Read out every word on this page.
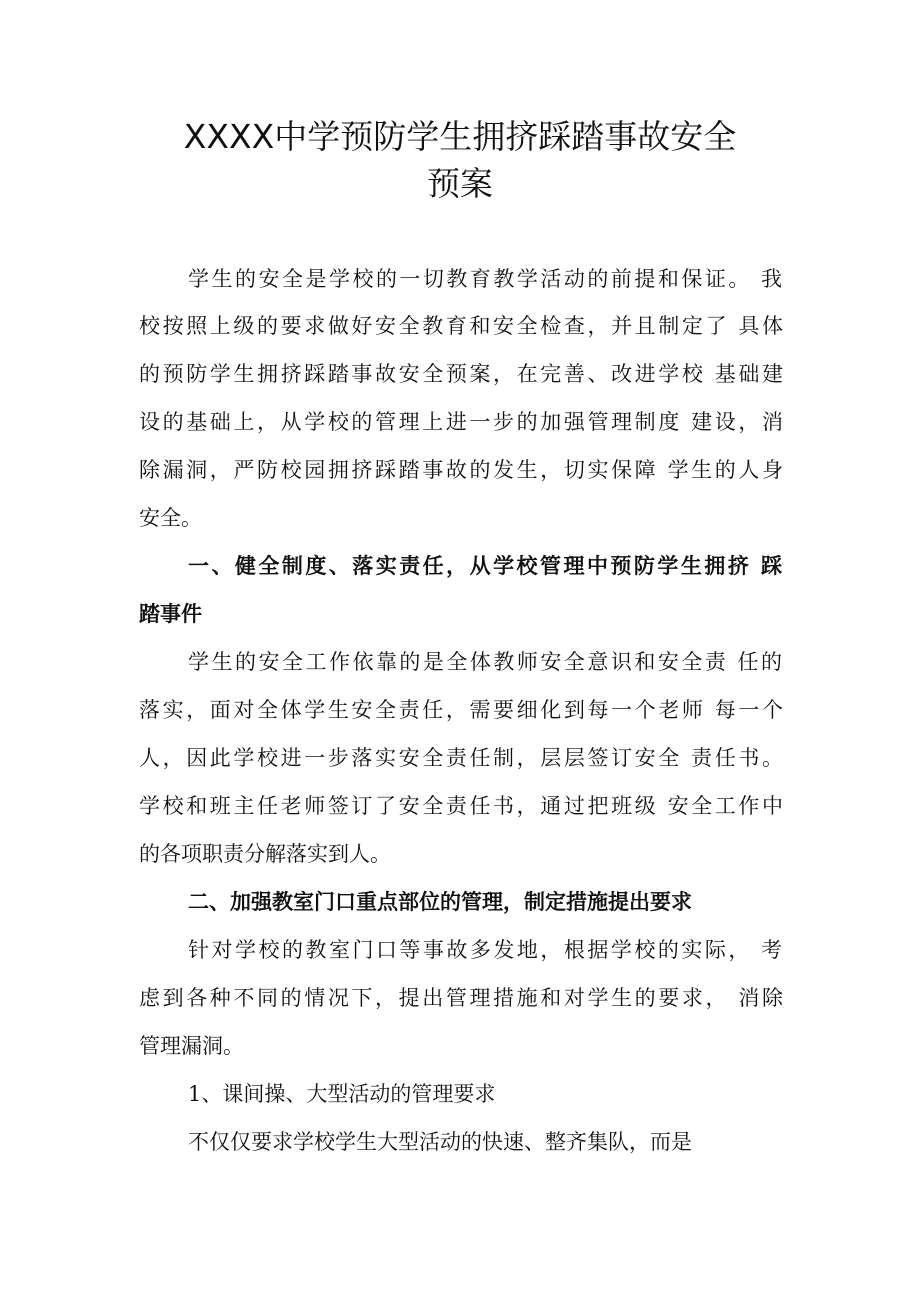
XXXX中学预防学生拥挤踩踏事故安全
预案

学生的安全是学校的一切教育教学活动的前提和保证。 我

校按照上级的要求做好安全教育和安全检查，并且制定了 具体

的预防学生拥挤踩踏事故安全预案，在完善、改进学校 基础建

设的基础上，从学校的管理上进一步的加强管理制度 建设，消

除漏洞，严防校园拥挤踩踏事故的发生，切实保障 学生的人身

安全。

一、健全制度、落实责任，从学校管理中预防学生拥挤 踩

踏事件

学生的安全工作依靠的是全体教师安全意识和安全责 任的

落实，面对全体学生安全责任，需要细化到每一个老师 每一个

人，因此学校进一步落实安全责任制，层层签订安全 责任书。

学校和班主任老师签订了安全责任书，通过把班级 安全工作中

的各项职责分解落实到人。

二、加强教室门口重点部位的管理，制定措施提出要求

针对学校的教室门口等事故多发地，根据学校的实际， 考

虑到各种不同的情况下，提出管理措施和对学生的要求， 消除

管理漏洞。

1、课间操、大型活动的管理要求

不仅仅要求学校学生大型活动的快速、整齐集队，而是
